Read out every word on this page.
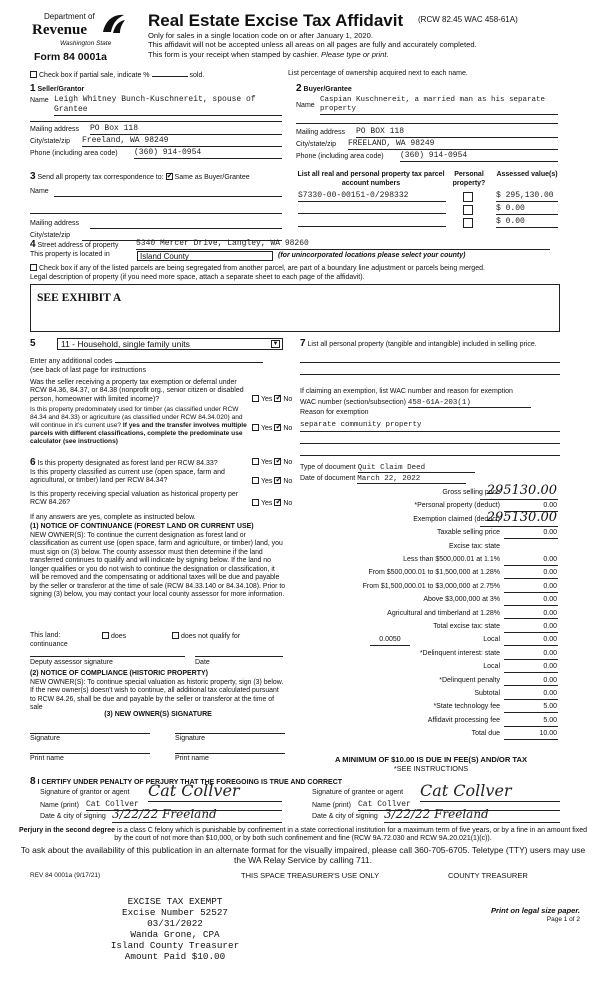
Department of
Revenue
Washington State
Form 84 0001a
Real Estate Excise Tax Affidavit (RCW 82.45 WAC 458-61A)
Only for sales in a single location code on or after January 1, 2020.
This affidavit will not be accepted unless all areas on all pages are fully and accurately completed.
This form is your receipt when stamped by cashier. Please type or print.
Check box if partial sale, indicate %	sold.	List percentage of ownership acquired next to each name.
1 Seller/Grantor
Name Leigh Whitney Bunch-Kuschnereit, spouse of Grantee
Mailing address PO Box 118
City/state/zip Freeland, WA 98249
Phone (including area code) (360) 914-0954
2 Buyer/Grantee
Name
Caspian Kuschnereit, a married man as his separate property
Mailing address PO BOX 118
City/state/zip FREELAND, WA 98249
Phone (including area code) (360) 914-0954
3 Send all property tax correspondence to: ✓ Same as Buyer/Grantee
Name
Mailing address
City/state/zip
List all real and personal property tax parcel account numbers
Personal property?
Assessed value(s)
S7330-00-00151-0/298332	$ 295,130.00
$ 0.00
$ 0.00
4 Street address of property 5340 Mercer Drive, Langley, WA 98260
This property is located in	Island County	(for unincorporated locations please select your county)
Check box if any of the listed parcels are being segregated from another parcel, are part of a boundary line adjustment or parcels being merged.
Legal description of property (if you need more space, attach a separate sheet to each page of the affidavit).
SEE EXHIBIT A
5	11 - Household, single family units	▼
Enter any additional codes
(see back of last page for instructions
Was the seller receiving a property tax exemption or deferral under RCW 84.36, 84.37, or 84.38 (nonprofit org., senior citizen or disabled person, homeowner with limited income)?	Yes ✓ No
Is this property predominately used for timber (as classified under RCW 84.34 and 84.33) or agriculture (as classified under RCW 84.34.020) and will continue in it's current use? If yes and the transfer involves multiple parcels with different classifications, complete the predominate use calculator (see instructions)
Yes ✓ No
7 List all personal property (tangible and intangible) included in selling price.
If claiming an exemption, list WAC number and reason for exemption
WAC number (section/subsection) 458-61A-203(1)
Reason for exemption
separate community property
Type of document Quit Claim Deed
Date of document March 22, 2022
6 Is this property designated as forest land per RCW 84.33?	Yes ✓ No
Is this property classified as current use (open space, farm and agricultural, or timber) land per RCW 84.34?	Yes ✓ No
Is this property receiving special valuation as historical property per RCW 84.26?	Yes ✓ No
If any answers are yes, complete as instructed below.
(1) NOTICE OF CONTINUANCE (FOREST LAND OR CURRENT USE)
NEW OWNER(S): To continue the current designation as forest land or classification as current use (open space, farm and agriculture, or timber) land, you must sign on (3) below. The county assessor must then determine if the land transferred continues to qualify and will indicate by signing below. If the land no longer qualifies or you do not wish to continue the designation or classification, it will be removed and the compensating or additional taxes will be due and payable by the seller or transferor at the time of sale (RCW 84.33.140 or 84.34.108). Prior to signing (3) below, you may contact your local county assessor for more information.
This land:	does	does not qualify for
continuance
Deputy assessor signature	Date
(2) NOTICE OF COMPLIANCE (HISTORIC PROPERTY)
NEW OWNER(S): To continue special valuation as historic property, sign (3) below. If the new owner(s) doesn't wish to continue, all additional tax calculated pursuant to RCW 84.26, shall be due and payable by the seller or transferor at the time of sale
(3) NEW OWNER(S) SIGNATURE
Signature	Signature
Print name	Print name
Gross selling price
295130.00
*Personal property (deduct)	0.00
Exemption claimed (deduct)
295130.00
Taxable selling price	0.00
Excise tax: state
Less than $500,000.01 at 1.1%	0.00
From $500,000.01 to $1,500,000 at 1.28%	0.00
From $1,500,000.01 to $3,000,000 at 2.75%	0.00
Above $3,000,000 at 3%	0.00
Agricultural and timberland at 1.28%	0.00
Total excise tax: state	0.00
Local
0.0050	0.00
*Delinquent interest: state	0.00
Local	0.00
*Delinquent penalty	0.00
Subtotal	0.00
*State technology fee	5.00
Affidavit processing fee	5.00
Total due	10.00
A MINIMUM OF $10.00 IS DUE IN FEE(S) AND/OR TAX
*SEE INSTRUCTIONS
8 I CERTIFY UNDER PENALTY OF PERJURY THAT THE FOREGOING IS TRUE AND CORRECT
Signature of grantor or agent Cat Collver
Name (print) Cat Collver
Date & city of signing 3/22/22 Freeland
Signature of grantee or agent Cat Collver
Name (print) Cat Collver
Date & city of signing 3/22/22 Freeland
Perjury in the second degree is a class C felony which is punishable by confinement in a state correctional institution for a maximum term of five years, or by a fine in an amount fixed by the court of not more than $10,000, or by both such confinement and fine (RCW 9A.72.030 and RCW 9A.20.021(1)(c)).
To ask about the availability of this publication in an alternate format for the visually impaired, please call 360-705-6705. Teletype (TTY) users may use the WA Relay Service by calling 711.
REV 84 0001a (9/17/21)	THIS SPACE TREASURER'S USE ONLY	COUNTY TREASURER
EXCISE TAX EXEMPT
Excise Number 52527
03/31/2022
Wanda Grone, CPA
Island County Treasurer
Amount Paid $10.00
Print on legal size paper.
Page 1 of 2
